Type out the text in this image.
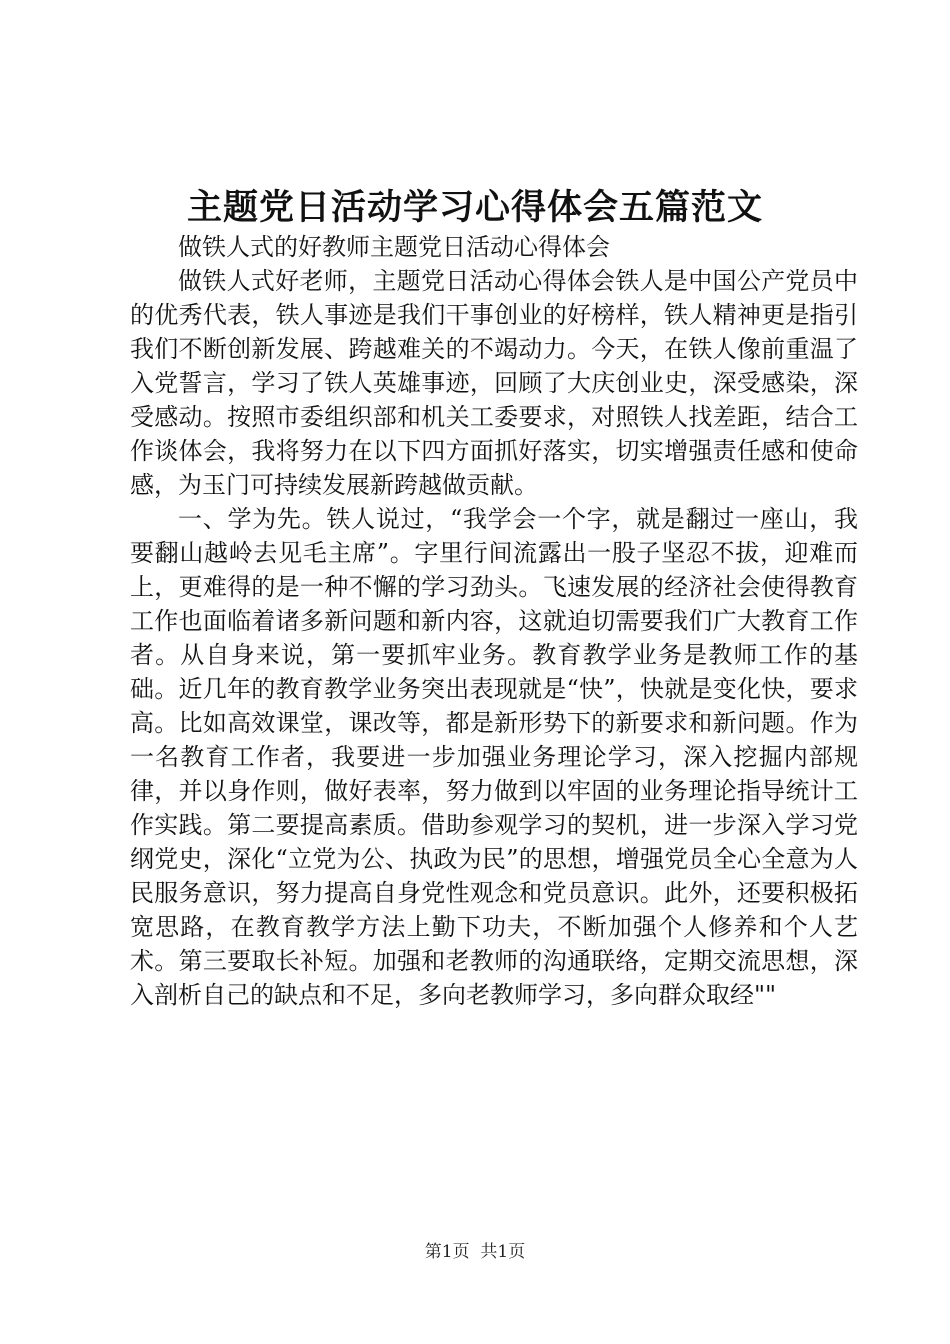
主题党日活动学习心得体会五篇范文

做铁人式的好教师主题党日活动心得体会

做铁人式好老师，主题党日活动心得体会铁人是中国公产党员中的优秀代表，铁人事迹是我们干事创业的好榜样，铁人精神更是指引我们不断创新发展、跨越难关的不竭动力。今天，在铁人像前重温了入党誓言，学习了铁人英雄事迹，回顾了大庆创业史，深受感染，深受感动。按照市委组织部和机关工委要求，对照铁人找差距，结合工作谈体会，我将努力在以下四方面抓好落实，切实增强责任感和使命感，为玉门可持续发展新跨越做贡献。

一、学为先。铁人说过，“我学会一个字，就是翻过一座山，我要翻山越岭去见毛主席”。字里行间流露出一股子坚忍不拔，迎难而上，更难得的是一种不懈的学习劲头。飞速发展的经济社会使得教育工作也面临着诸多新问题和新内容，这就迫切需要我们广大教育工作者。从自身来说，第一要抓牢业务。教育教学业务是教师工作的基础。近几年的教育教学业务突出表现就是“快”，快就是变化快，要求高。比如高效课堂，课改等，都是新形势下的新要求和新问题。作为一名教育工作者，我要进一步加强业务理论学习，深入挖掘内部规律，并以身作则，做好表率，努力做到以牢固的业务理论指导统计工作实践。第二要提高素质。借助参观学习的契机，进一步深入学习党纲党史，深化“立党为公、执政为民”的思想，增强党员全心全意为人民服务意识，努力提高自身党性观念和党员意识。此外，还要积极拓宽思路，在教育教学方法上勤下功夫，不断加强个人修养和个人艺术。第三要取长补短。加强和老教师的沟通联络，定期交流思想，深入剖析自己的缺点和不足，多向老教师学习，多向群众取经""

第1页  共1页
